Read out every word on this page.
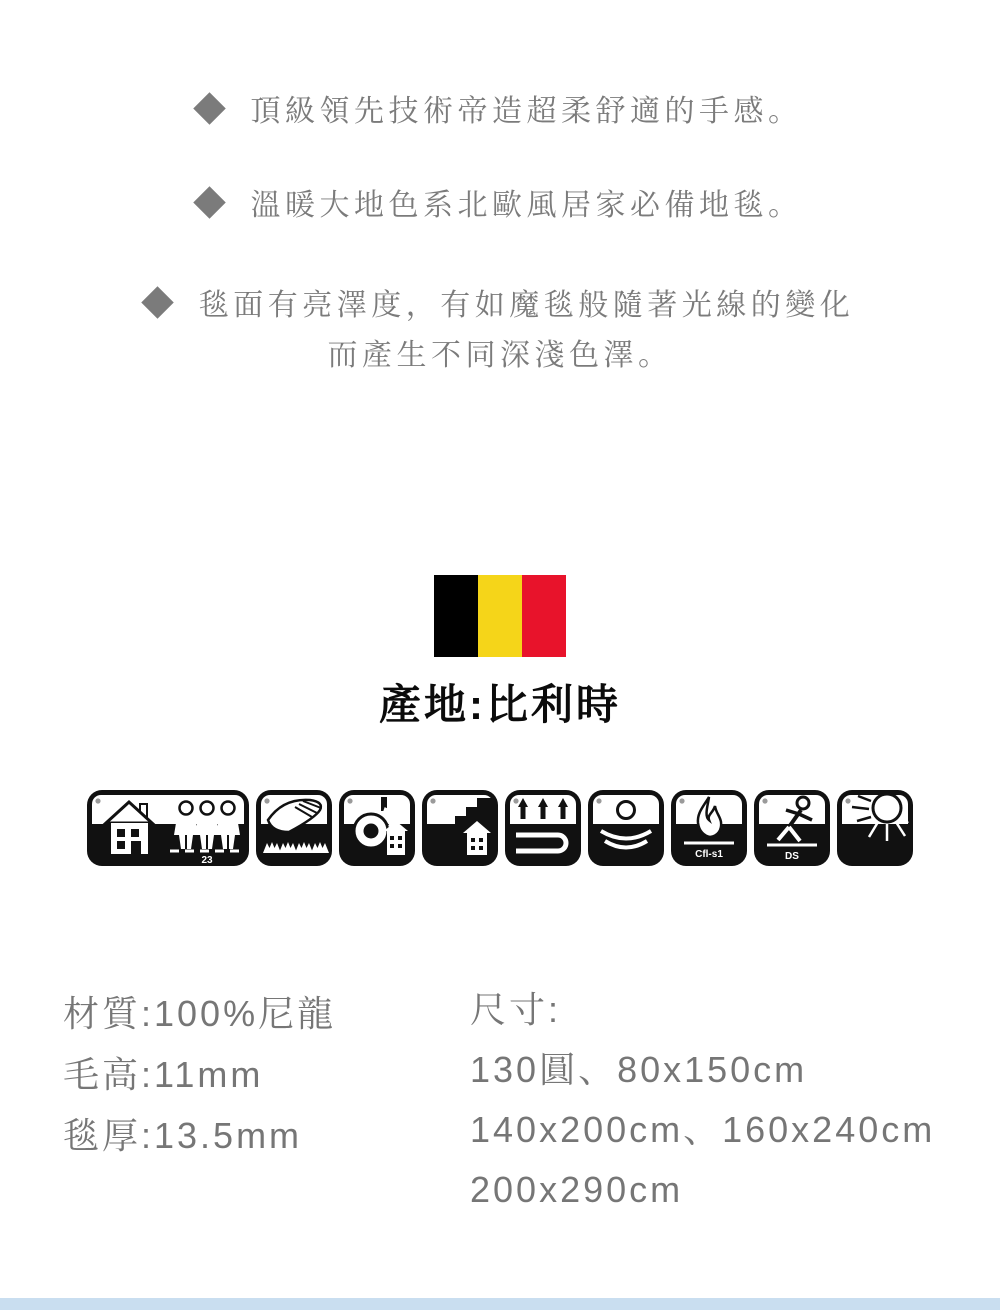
頂級領先技術帝造超柔舒適的手感。
溫暖大地色系北歐風居家必備地毯。
毯面有亮澤度，有如魔毯般隨著光線的變化
而產生不同深淺色澤。
產地:比利時
23
Cfl-s1	DS
材質:100%尼龍
毛高:11mm
毯厚:13.5mm
尺寸:
130圓、80x150cm
140x200cm、160x240cm
200x290cm
